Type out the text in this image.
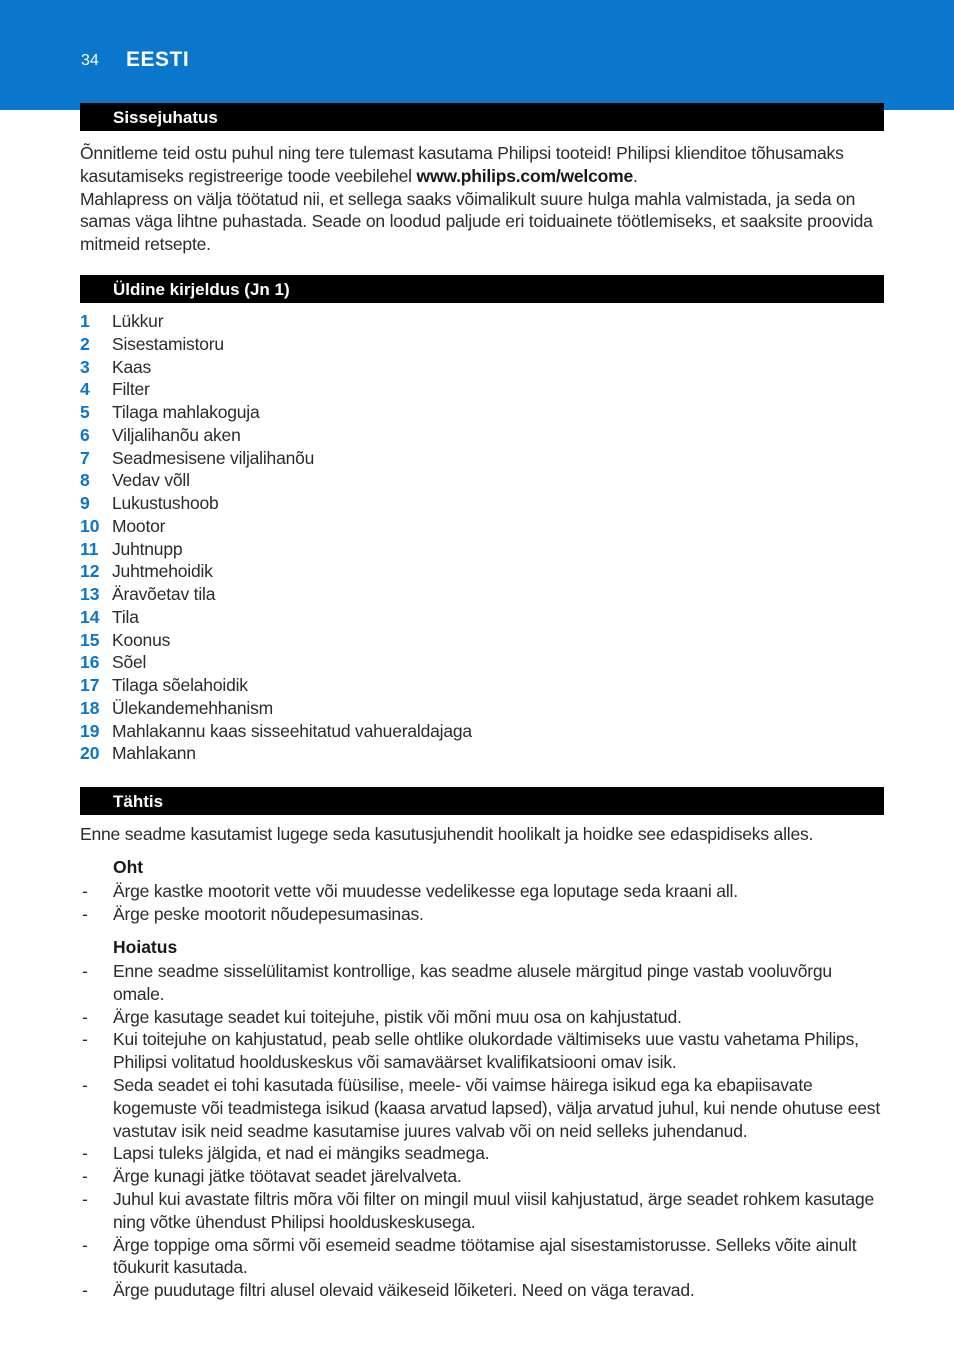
34 EESTI
Sissejuhatus
Õnnitleme teid ostu puhul ning tere tulemast kasutama Philipsi tooteid! Philipsi klienditoe tõhusamaks kasutamiseks registreerige toode veebilehel www.philips.com/welcome.
Mahlapress on välja töötatud nii, et sellega saaks võimalikult suure hulga mahla valmistada, ja seda on samas väga lihtne puhastada. Seade on loodud paljude eri toiduainete töötlemiseks, et saaksite proovida mitmeid retsepte.
Üldine kirjeldus (Jn 1)
1	Lükkur
2	Sisestamistoru
3	Kaas
4	Filter
5	Tilaga mahlakoguja
6	Viljalihanõu aken
7	Seadmesisene viljalihanõu
8	Vedav võll
9	Lukustushoob
10 Mootor
11 Juhtnupp
12 Juhtmehoidik
13 Äravõetav tila
14 Tila
15 Koonus
16 Sõel
17 Tilaga sõelahoidik
18 Ülekandemehhanism
19 Mahlakannu kaas sisseehitatud vahueraldajaga
20 Mahlakann
Tähtis
Enne seadme kasutamist lugege seda kasutusjuhendit hoolikalt ja hoidke see edaspidiseks alles.
Oht
- Ärge kastke mootorit vette või muudesse vedelikesse ega loputage seda kraani all.
- Ärge peske mootorit nõudepesumasinas.
Hoiatus
- Enne seadme sisselülitamist kontrollige, kas seadme alusele märgitud pinge vastab vooluvõrgu omale.
- Ärge kasutage seadet kui toitejuhe, pistik või mõni muu osa on kahjustatud.
- Kui toitejuhe on kahjustatud, peab selle ohtlike olukordade vältimiseks uue vastu vahetama Philips, Philipsi volitatud hoolduskeskus või samaväärset kvalifikatsiooni omav isik.
- Seda seadet ei tohi kasutada füüsilise, meele- või vaimse häirega isikud ega ka ebapiisavate kogemuste või teadmistega isikud (kaasa arvatud lapsed), välja arvatud juhul, kui nende ohutuse eest vastutav isik neid seadme kasutamise juures valvab või on neid selleks juhendanud.
- Lapsi tuleks jälgida, et nad ei mängiks seadmega.
- Ärge kunagi jätke töötavat seadet järelvalveta.
- Juhul kui avastate filtris mõra või filter on mingil muul viisil kahjustatud, ärge seadet rohkem kasutage ning võtke ühendust Philipsi hoolduskeskusega.
- Ärge toppige oma sõrmi või esemeid seadme töötamise ajal sisestamistorusse. Selleks võite ainult tõukurit kasutada.
- Ärge puudutage filtri alusel olevaid väikeseid lõiketeri. Need on väga teravad.
